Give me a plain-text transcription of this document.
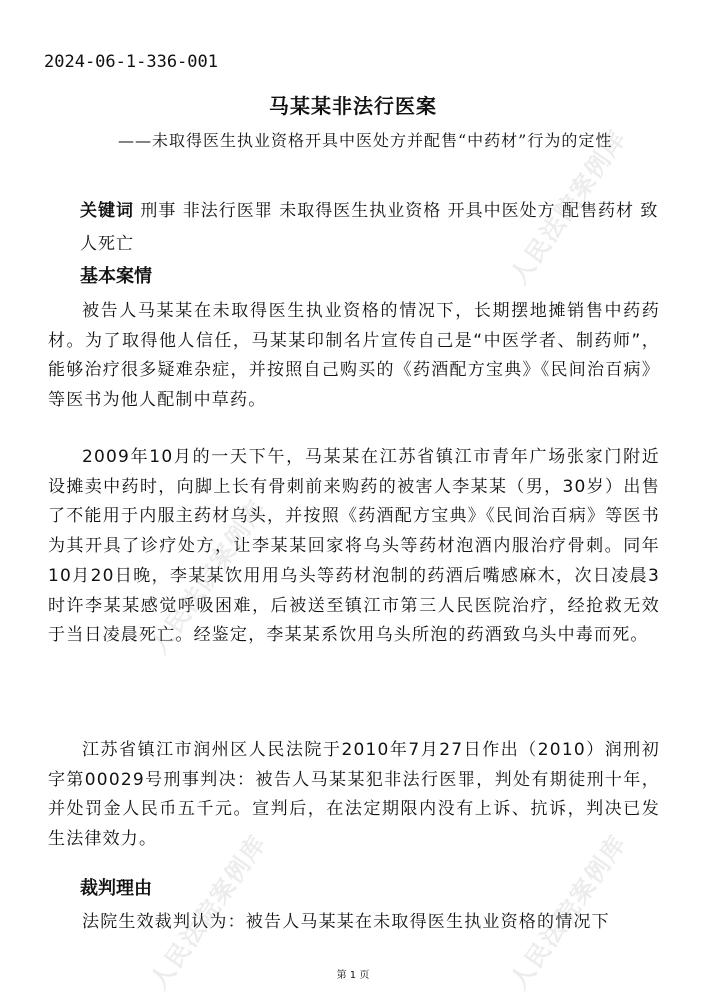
2024-06-1-336-001
马某某非法行医案
——未取得医生执业资格开具中医处方并配售“中药材”行为的定性
关键词 刑事 非法行医罪 未取得医生执业资格 开具中医处方 配售药材 致人死亡
基本案情

被告人马某某在未取得医生执业资格的情况下，长期摆地摊销售中药药材。为了取得他人信任，马某某印制名片宣传自己是“中医学者、制药师”，能够治疗很多疑难杂症，并按照自己购买的《药酒配方宝典》《民间治百病》等医书为他人配制中草药。

2009年10月的一天下午，马某某在江苏省镇江市青年广场张家门附近设摊卖中药时，向脚上长有骨刺前来购药的被害人李某某（男，30岁）出售了不能用于内服主药材乌头，并按照《药酒配方宝典》《民间治百病》等医书为其开具了诊疗处方，让李某某回家将乌头等药材泡酒内服治疗骨刺。同年10月20日晚，李某某饮用用乌头等药材泡制的药酒后嘴感麻木，次日凌晨3时许李某某感觉呼吸困难，后被送至镇江市第三人民医院治疗，经抢救无效于当日凌晨死亡。经鉴定，李某某系饮用乌头所泡的药酒致乌头中毒而死。

江苏省镇江市润州区人民法院于2010年7月27日作出（2010）润刑初字第00029号刑事判决：被告人马某某犯非法行医罪，判处有期徒刑十年，并处罚金人民币五千元。宣判后，在法定期限内没有上诉、抗诉，判决已发生法律效力。

裁判理由

法院生效裁判认为：被告人马某某在未取得医生执业资格的情况下

第 1 页
人民法院案例库
人民法院案例库
人民法院案例库	人民法院案例库
